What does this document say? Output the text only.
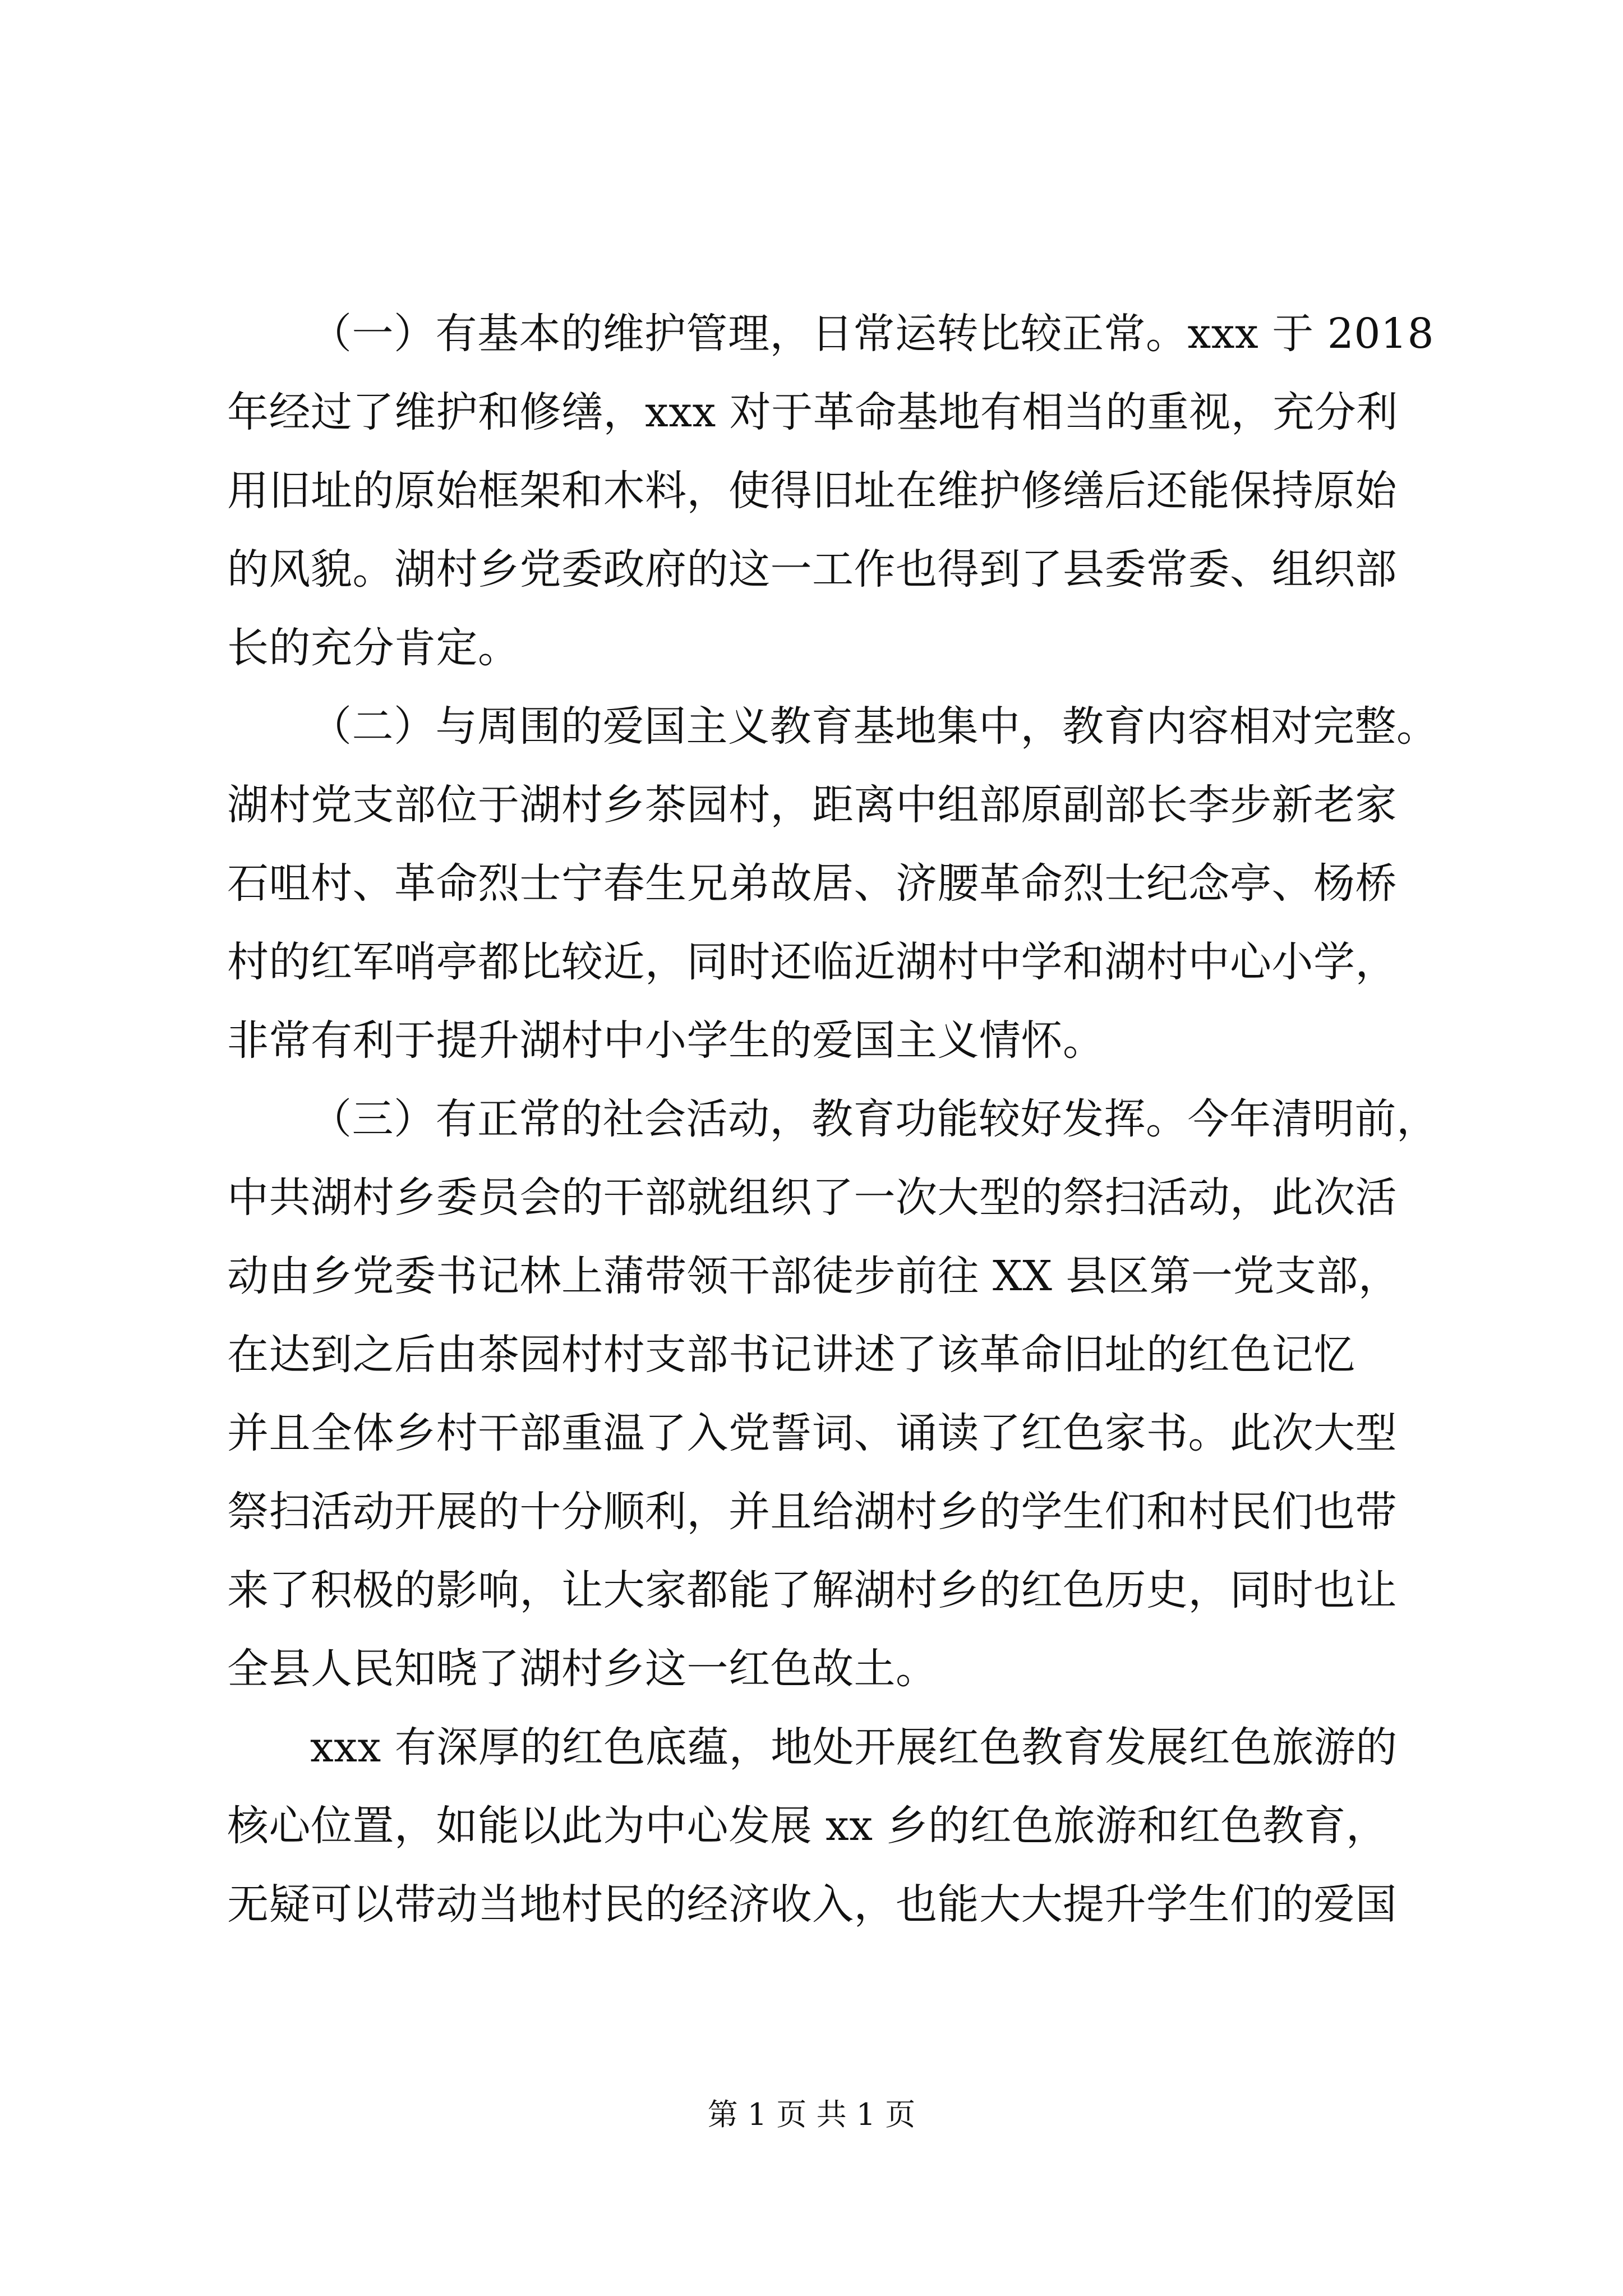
（一）有基本的维护管理，日常运转比较正常。xxx 于 2018
年经过了维护和修缮，xxx 对于革命基地有相当的重视，充分利
用旧址的原始框架和木料，使得旧址在维护修缮后还能保持原始
的风貌。湖村乡党委政府的这一工作也得到了县委常委、组织部
长的充分肯定。

（二）与周围的爱国主义教育基地集中，教育内容相对完整。
湖村党支部位于湖村乡茶园村，距离中组部原副部长李步新老家
石咀村、革命烈士宁春生兄弟故居、济腰革命烈士纪念亭、杨桥
村的红军哨亭都比较近，同时还临近湖村中学和湖村中心小学，
非常有利于提升湖村中小学生的爱国主义情怀。

（三）有正常的社会活动，教育功能较好发挥。今年清明前，
中共湖村乡委员会的干部就组织了一次大型的祭扫活动，此次活
动由乡党委书记林上蒲带领干部徒步前往 XX 县区第一党支部，
在达到之后由茶园村村支部书记讲述了该革命旧址的红色记忆
并且全体乡村干部重温了入党誓词、诵读了红色家书。此次大型
祭扫活动开展的十分顺利，并且给湖村乡的学生们和村民们也带
来了积极的影响，让大家都能了解湖村乡的红色历史，同时也让
全县人民知晓了湖村乡这一红色故土。

xxx 有深厚的红色底蕴，地处开展红色教育发展红色旅游的
核心位置，如能以此为中心发展 xx 乡的红色旅游和红色教育，
无疑可以带动当地村民的经济收入，也能大大提升学生们的爱国

第 1 页 共 1 页
